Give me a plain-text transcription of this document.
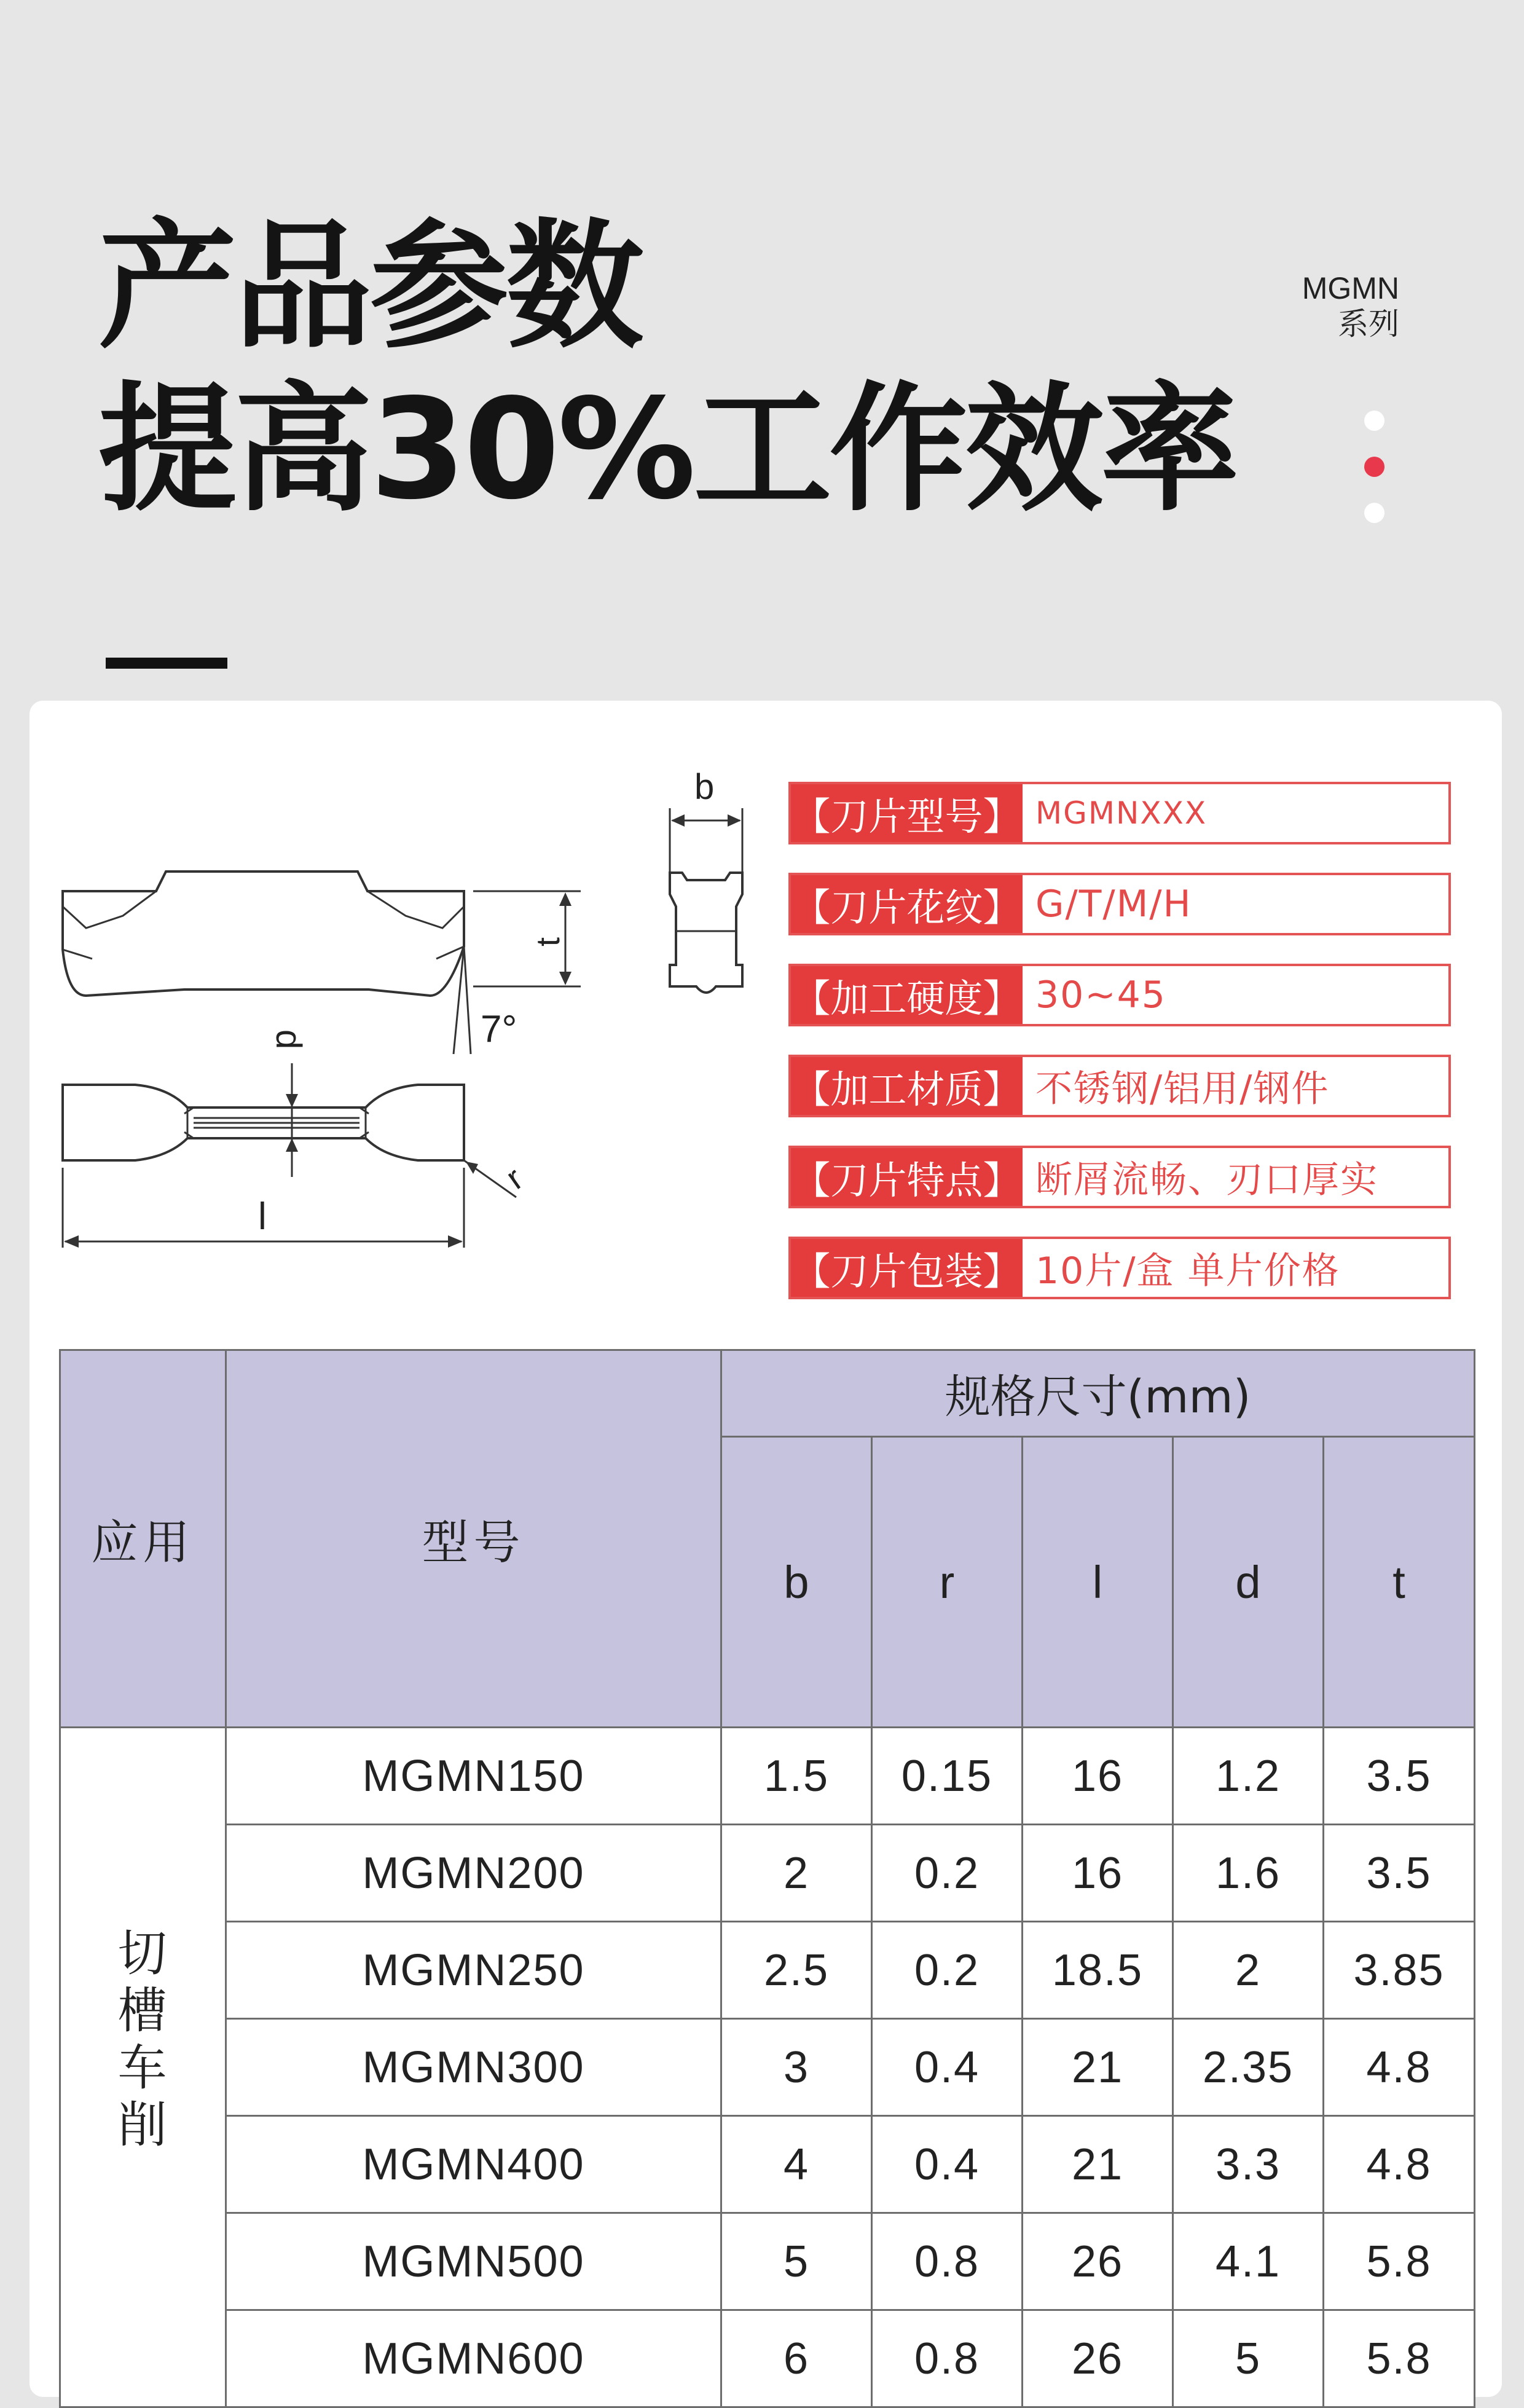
产品参数
提高30%工作效率
MGMN
系列
t
7°
b
d
r
l
【刀片型号】 MGMNXXX
【刀片花纹】 G/T/M/H
【加工硬度】 30~45
【加工材质】 不锈钢/铝用/钢件
【刀片特点】 断屑流畅、刃口厚实
【刀片包装】 10片/盒 单片价格
应用	型号	规格尺寸(mm)				
		b	r	l	d	t

切
槽
车
削	MGMN150	1.5	0.15	16	1.2	3.5
	MGMN200	2	0.2	16	1.6	3.5
	MGMN250	2.5	0.2	18.5	2	3.85
	MGMN300	3	0.4	21	2.35	4.8
	MGMN400	4	0.4	21	3.3	4.8
	MGMN500	5	0.8	26	4.1	5.8
	MGMN600	6	0.8	26	5	5.8
